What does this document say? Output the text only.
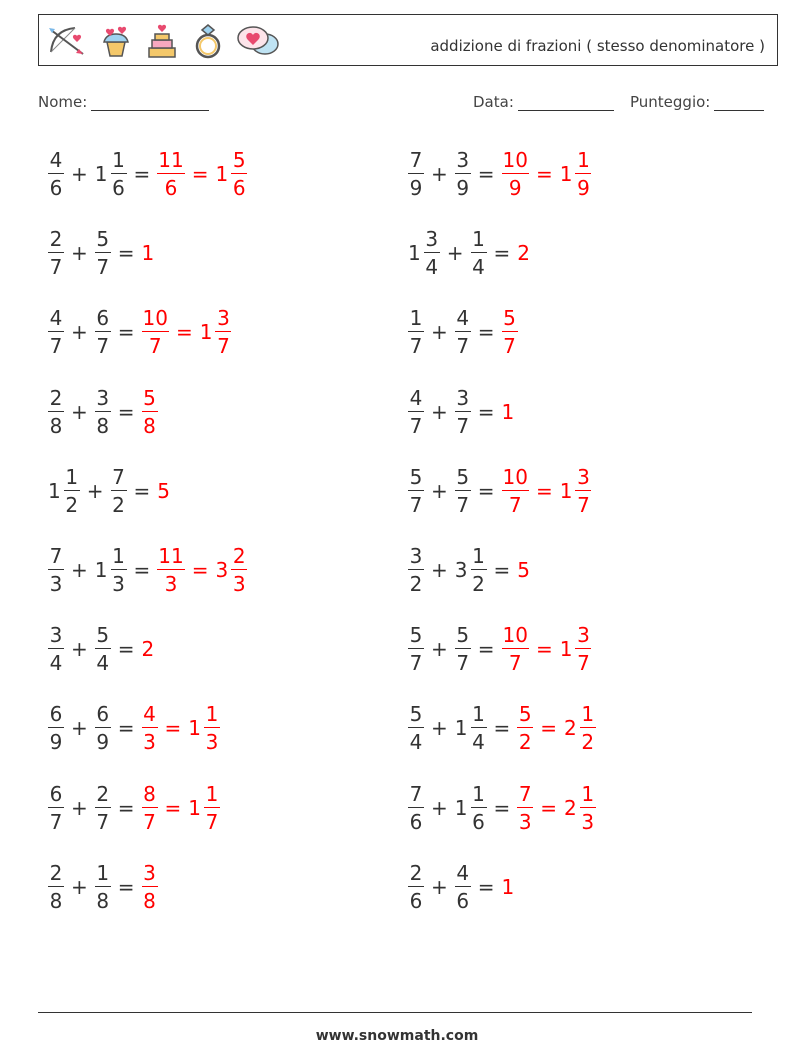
addizione di frazioni ( stesso denominatore )
Nome:	Data:	Punteggio:
$\frac{4}{6} + 1 \frac{1}{6} = \frac{11}{6} = 1 \frac{5}{6}$	$\frac{7}{9} + \frac{3}{9} = \frac{10}{9} = 1 \frac{1}{9}$
$\frac{2}{7} + \frac{5}{7} = 1$	$1 \frac{3}{4} + \frac{1}{4} = 2$
$\frac{4}{7} + \frac{6}{7} = \frac{10}{7} = 1 \frac{3}{7}$	$\frac{1}{7} + \frac{4}{7} = \frac{5}{7}$
$\frac{2}{8} + \frac{3}{8} = \frac{5}{8}$	$\frac{4}{7} + \frac{3}{7} = 1$
$1 \frac{1}{2} + \frac{7}{2} = 5$	$\frac{5}{7} + \frac{5}{7} = \frac{10}{7} = 1 \frac{3}{7}$
$\frac{7}{3} + 1 \frac{1}{3} = \frac{11}{3} = 3 \frac{2}{3}$	$\frac{3}{2} + 3 \frac{1}{2} = 5$
$\frac{3}{4} + \frac{5}{4} = 2$	$\frac{5}{7} + \frac{5}{7} = \frac{10}{7} = 1 \frac{3}{7}$
$\frac{6}{9} + \frac{6}{9} = \frac{4}{3} = 1 \frac{1}{3}$	$\frac{5}{4} + 1 \frac{1}{4} = \frac{5}{2} = 2 \frac{1}{2}$
$\frac{6}{7} + \frac{2}{7} = \frac{8}{7} = 1 \frac{1}{7}$	$\frac{7}{6} + 1 \frac{1}{6} = \frac{7}{3} = 2 \frac{1}{3}$
$\frac{2}{8} + \frac{1}{8} = \frac{3}{8}$	$\frac{2}{6} + \frac{4}{6} = 1$
www.snowmath.com
